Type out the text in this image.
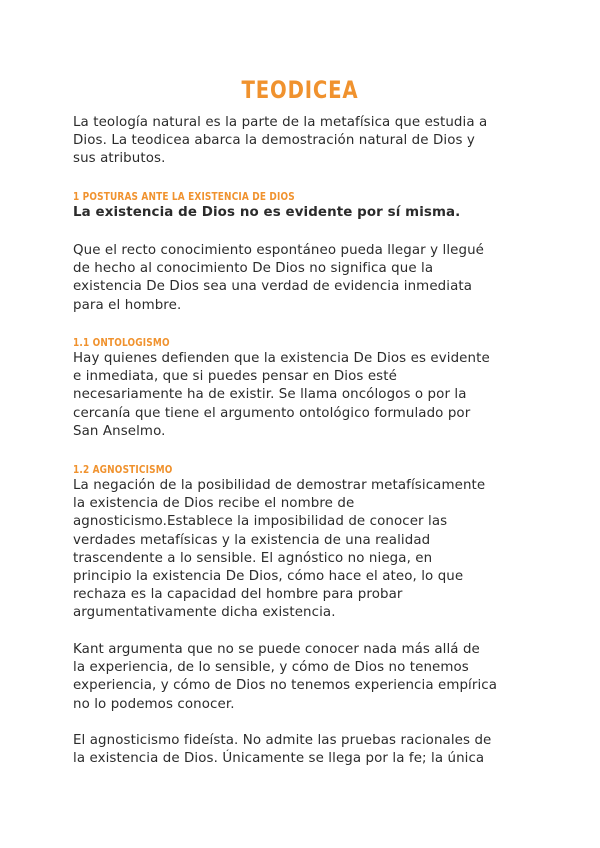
TEODICEA
La teología natural es la parte de la metafísica que estudia a
Dios. La teodicea abarca la demostración natural de Dios y
sus atributos.
1 POSTURAS ANTE LA EXISTENCIA DE DIOS
La existencia de Dios no es evidente por sí misma.
Que el recto conocimiento espontáneo pueda llegar y llegué
de hecho al conocimiento De Dios no significa que la
existencia De Dios sea una verdad de evidencia inmediata
para el hombre.
1.1 ONTOLOGISMO
Hay quienes defienden que la existencia De Dios es evidente
e inmediata, que si puedes pensar en Dios esté
necesariamente ha de existir. Se llama oncólogos o por la
cercanía que tiene el argumento ontológico formulado por
San Anselmo.
1.2 AGNOSTICISMO
La negación de la posibilidad de demostrar metafísicamente
la existencia de Dios recibe el nombre de
agnosticismo.Establece la imposibilidad de conocer las
verdades metafísicas y la existencia de una realidad
trascendente a lo sensible. El agnóstico no niega, en
principio la existencia De Dios, cómo hace el ateo, lo que
rechaza es la capacidad del hombre para probar
argumentativamente dicha existencia.
Kant argumenta que no se puede conocer nada más allá de
la experiencia, de lo sensible, y cómo de Dios no tenemos
experiencia, y cómo de Dios no tenemos experiencia empírica
no lo podemos conocer.
El agnosticismo fideísta. No admite las pruebas racionales de
la existencia de Dios. Únicamente se llega por la fe; la única
